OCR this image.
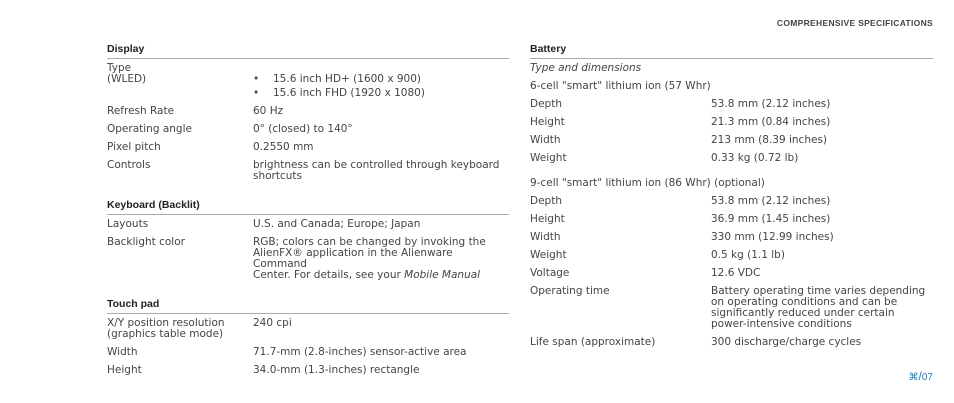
COMPREHENSIVE SPECIFICATIONS
Display
Type
(WLED)	•	15.6 inch HD+ (1600 x 900)
•	15.6 inch FHD (1920 x 1080)
Refresh Rate	60 Hz
Operating angle	0° (closed) to 140°
Pixel pitch	0.2550 mm
Controls	brightness can be controlled through keyboard
shortcuts
Keyboard (Backlit)
Layouts	U.S. and Canada; Europe; Japan
Backlight color	RGB; colors can be changed by invoking the
AlienFX® application in the Alienware Command
Center. For details, see your Mobile Manual
Touch pad
X/Y position resolution
(graphics table mode)
240 cpi
Width	71.7-mm (2.8-inches) sensor-active area
Height	34.0-mm (1.3-inches) rectangle
Battery
Type and dimensions
6-cell "smart" lithium ion (57 Whr)
Depth	53.8 mm (2.12 inches)
Height	21.3 mm (0.84 inches)
Width	213 mm (8.39 inches)
Weight	0.33 kg (0.72 lb)
9-cell "smart" lithium ion (86 Whr) (optional)
Depth	53.8 mm (2.12 inches)
Height	36.9 mm (1.45 inches)
Width	330 mm (12.99 inches)
Weight	0.5 kg (1.1 lb)
Voltage	12.6 VDC
Operating time	Battery operating time varies depending
on operating conditions and can be
significantly reduced under certain
power-intensive conditions
Life span (approximate)	300 discharge/charge cycles
⌘/07
